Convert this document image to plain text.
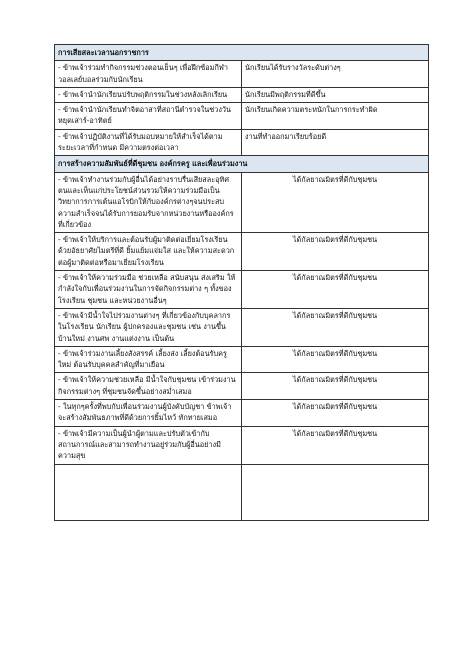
การเสียสละเวลานอกราชการ	
- ข้าพเจ้าร่วมทำกิจกรรมช่วงตอนเย็นๆ เพื่อฝึกซ้อมกีฬาวอลเลย์บอลร่วมกับนักเรียน	นักเรียนได้รับรางวัลระดับต่างๆ
- ข้าพเจ้านำนักเรียนปรับพฤติกรรมในช่วงหลังเลิกเรียน	นักเรียนมีพฤติกรรมที่ดีขึ้น
- ข้าพเจ้านำนักเรียนทำจิตอาสาที่สถานีตำรวจในช่วงวันหยุดเสาร์-อาทิตย์	นักเรียนเกิดความตระหนักในการกระทำผิด
- ข้าพเจ้าปฏิบัติงานที่ได้รับมอบหมายให้สำเร็จได้ตามระยะเวลาที่กำหนด มีความตรงต่อเวลา	งานที่ทำออกมาเรียบร้อยดี
การสร้างความสัมพันธ์ที่ดีชุมชน องค์กรครู และเพื่อนร่วมงาน	
- ข้าพเจ้าทำงานร่วมกับผู้อื่นได้อย่างราบรื่นเสียสละอุทิศตนและเห็นแก่ประโยชน์ส่วนรวมให้ความร่วมมือเป็นวิทยาการการเต้นแอโรบิกให้กับองค์กรต่างๆจนประสบความสำเร็จจนได้รับการยอมรับจากหน่วยงานหรือองค์กรที่เกี่ยวข้อง	ได้กัลยาณมิตรที่ดีกับชุมชน
- ข้าพเจ้าให้บริการและต้อนรับผู้มาติดต่อเยี่ยมโรงเรียนด้วยอัธยาศัยไมตรีที่ดี ยิ้มแย้มแจ่มใส และให้ความสะดวกต่อผู้มาติดต่อหรือมาเยี่ยมโรงเรียน	ได้กัลยาณมิตรที่ดีกับชุมชน
- ข้าพเจ้าให้ความร่วมมือ ช่วยเหลือ สนับสนุน ส่งเสริม ให้กำลังใจกับเพื่อนร่วมงานในการจัดกิจกรรมต่าง ๆ ทั้งของโรงเรียน ชุมชน และหน่วยงานอื่นๆ	ได้กัลยาณมิตรที่ดีกับชุมชน
- ข้าพเจ้ามีน้ำใจไปร่วมงานต่างๆ ที่เกี่ยวข้องกับบุคลากรในโรงเรียน นักเรียน ผู้ปกครองและชุมชน เช่น งานขึ้นบ้านใหม่ งานศพ งานแต่งงาน เป็นต้น	ได้กัลยาณมิตรที่ดีกับชุมชน
- ข้าพเจ้าร่วมงานเลี้ยงสังสรรค์ เลี้ยงส่ง เลี้ยงต้อนรับครูใหม่ ต้อนรับบุคคลสำคัญที่มาเยือน	ได้กัลยาณมิตรที่ดีกับชุมชน
- ข้าพเจ้าให้ความช่วยเหลือ มีน้ำใจกับชุมชน เข้าร่วมงานกิจกรรมต่างๆ ที่ชุมชนจัดขึ้นอย่างสม่ำเสมอ	ได้กัลยาณมิตรที่ดีกับชุมชน
- ในทุกๆครั้งที่พบกับเพื่อนร่วมงานผู้บังคับบัญชา ข้าพเจ้าจะสร้างสัมพันธภาพที่ดีด้วยการยิ้มไหว้ ทักทายเสมอ	ได้กัลยาณมิตรที่ดีกับชุมชน
- ข้าพเจ้ามีความเป็นผู้นำผู้ตามและปรับตัวเข้ากับสถานการณ์และสามารถทำงานอยู่ร่วมกับผู้อื่นอย่างมีความสุข	ได้กัลยาณมิตรที่ดีกับชุมชน
